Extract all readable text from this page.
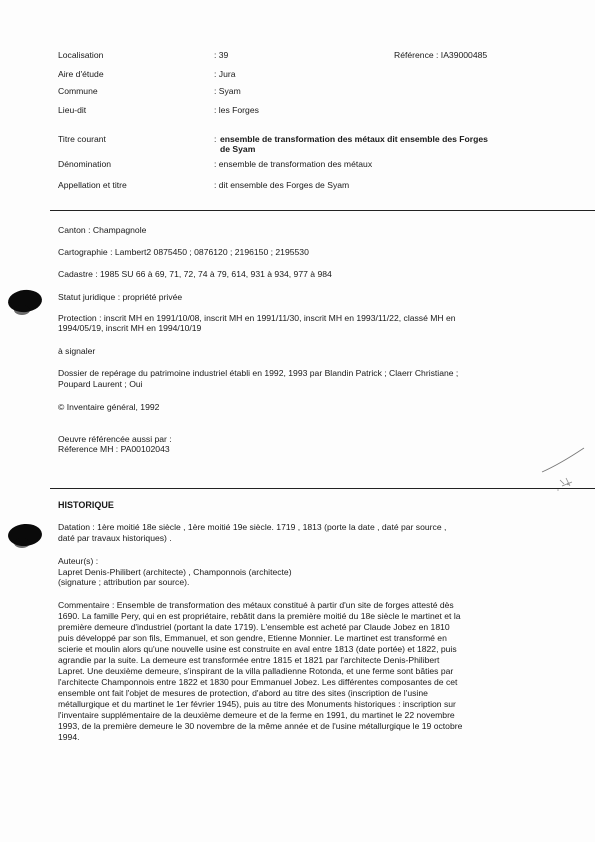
Localisation	: 39	Référence : IA39000485
Aire d'étude	: Jura
Commune	: Syam
Lieu-dit	: les Forges
Titre courant	: ensemble de transformation des métaux dit ensemble des Forges
de Syam
Dénomination	: ensemble de transformation des métaux
Appellation et titre	: dit ensemble des Forges de Syam
Canton : Champagnole
Cartographie : Lambert2 0875450 ; 0876120 ; 2196150 ; 2195530
Cadastre : 1985 SU 66 à 69, 71, 72, 74 à 79, 614, 931 à 934, 977 à 984
Statut juridique : propriété privée
Protection : inscrit MH en 1991/10/08, inscrit MH en 1991/11/30, inscrit MH en 1993/11/22, classé MH en
1994/05/19, inscrit MH en 1994/10/19
à signaler
Dossier de repérage du patrimoine industriel établi en 1992, 1993 par Blandin Patrick ; Claerr Christiane ;
Poupard Laurent ; Oui
© Inventaire général, 1992
Oeuvre référencée aussi par :
Réference MH : PA00102043
HISTORIQUE
Datation : 1ère moitié 18e siècle , 1ère moitié 19e siècle. 1719 , 1813 (porte la date , daté par source ,
daté par travaux historiques) .
Auteur(s) :
Lapret Denis-Philibert (architecte) , Champonnois (architecte)
(signature ; attribution par source).
Commentaire : Ensemble de transformation des métaux constitué à partir d'un site de forges attesté dès
1690. La famille Pery, qui en est propriétaire, rebâtit dans la première moitié du 18e siècle le martinet et la
première demeure d'industriel (portant la date 1719). L'ensemble est acheté par Claude Jobez en 1810
puis développé par son fils, Emmanuel, et son gendre, Etienne Monnier. Le martinet est transformé en
scierie et moulin alors qu'une nouvelle usine est construite en aval entre 1813 (date portée) et 1822, puis
agrandie par la suite. La demeure est transformée entre 1815 et 1821 par l'architecte Denis-Philibert
Lapret. Une deuxième demeure, s'inspirant de la villa palladienne Rotonda, et une ferme sont bâties par
l'architecte Champonnois entre 1822 et 1830 pour Emmanuel Jobez. Les différentes composantes de cet
ensemble ont fait l'objet de mesures de protection, d'abord au titre des sites (inscription de l'usine
métallurgique et du martinet le 1er février 1945), puis au titre des Monuments historiques : inscription sur
l'inventaire supplémentaire de la deuxième demeure et de la ferme en 1991, du martinet le 22 novembre
1993, de la première demeure le 30 novembre de la même année et de l'usine métallurgique le 19 octobre
1994.
